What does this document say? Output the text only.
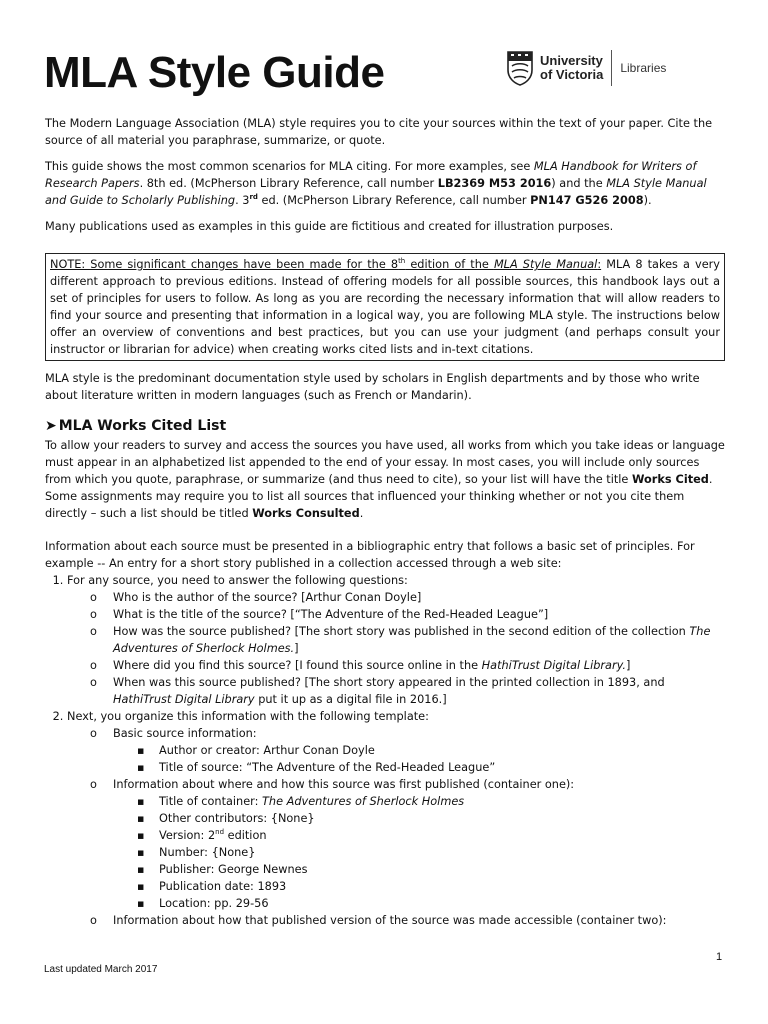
MLA Style Guide	University
of Victoria Libraries

The Modern Language Association (MLA) style requires you to cite your sources within the text of your paper. Cite the source of all material you paraphrase, summarize, or quote.

This guide shows the most common scenarios for MLA citing. For more examples, see MLA Handbook for Writers of Research Papers. 8th ed. (McPherson Library Reference, call number LB2369 M53 2016) and the MLA Style Manual and Guide to Scholarly Publishing. 3rd ed. (McPherson Library Reference, call number PN147 G526 2008).

Many publications used as examples in this guide are fictitious and created for illustration purposes.

NOTE: Some significant changes have been made for the 8th edition of the MLA Style Manual: MLA 8 takes a very different approach to previous editions. Instead of offering models for all possible sources, this handbook lays out a set of principles for users to follow. As long as you are recording the necessary information that will allow readers to find your source and presenting that information in a logical way, you are following MLA style. The instructions below offer an overview of conventions and best practices, but you can use your judgment (and perhaps consult your instructor or librarian for advice) when creating works cited lists and in-text citations.

MLA style is the predominant documentation style used by scholars in English departments and by those who write about literature written in modern languages (such as French or Mandarin).

➤ MLA Works Cited List

To allow your readers to survey and access the sources you have used, all works from which you take ideas or language must appear in an alphabetized list appended to the end of your essay. In most cases, you will include only sources from which you quote, paraphrase, or summarize (and thus need to cite), so your list will have the title Works Cited. Some assignments may require you to list all sources that influenced your thinking whether or not you cite them directly – such a list should be titled Works Consulted.

Information about each source must be presented in a bibliographic entry that follows a basic set of principles. For example -- An entry for a short story published in a collection accessed through a web site:

1. For any source, you need to answer the following questions:
o Who is the author of the source? [Arthur Conan Doyle]
o What is the title of the source? [“The Adventure of the Red-Headed League”]
o How was the source published? [The short story was published in the second edition of the collection The Adventures of Sherlock Holmes.]
o Where did you find this source? [I found this source online in the HathiTrust Digital Library.]
o When was this source published? [The short story appeared in the printed collection in 1893, and HathiTrust Digital Library put it up as a digital file in 2016.]
2. Next, you organize this information with the following template:
o Basic source information:
▪ Author or creator: Arthur Conan Doyle
▪ Title of source: “The Adventure of the Red-Headed League”
o Information about where and how this source was first published (container one):
▪ Title of container: The Adventures of Sherlock Holmes
▪ Other contributors: {None}
▪ Version: 2nd edition
▪ Number: {None}
▪ Publisher: George Newnes
▪ Publication date: 1893
▪ Location: pp. 29-56
o Information about how that published version of the source was made accessible (container two):
1
Last updated March 2017
